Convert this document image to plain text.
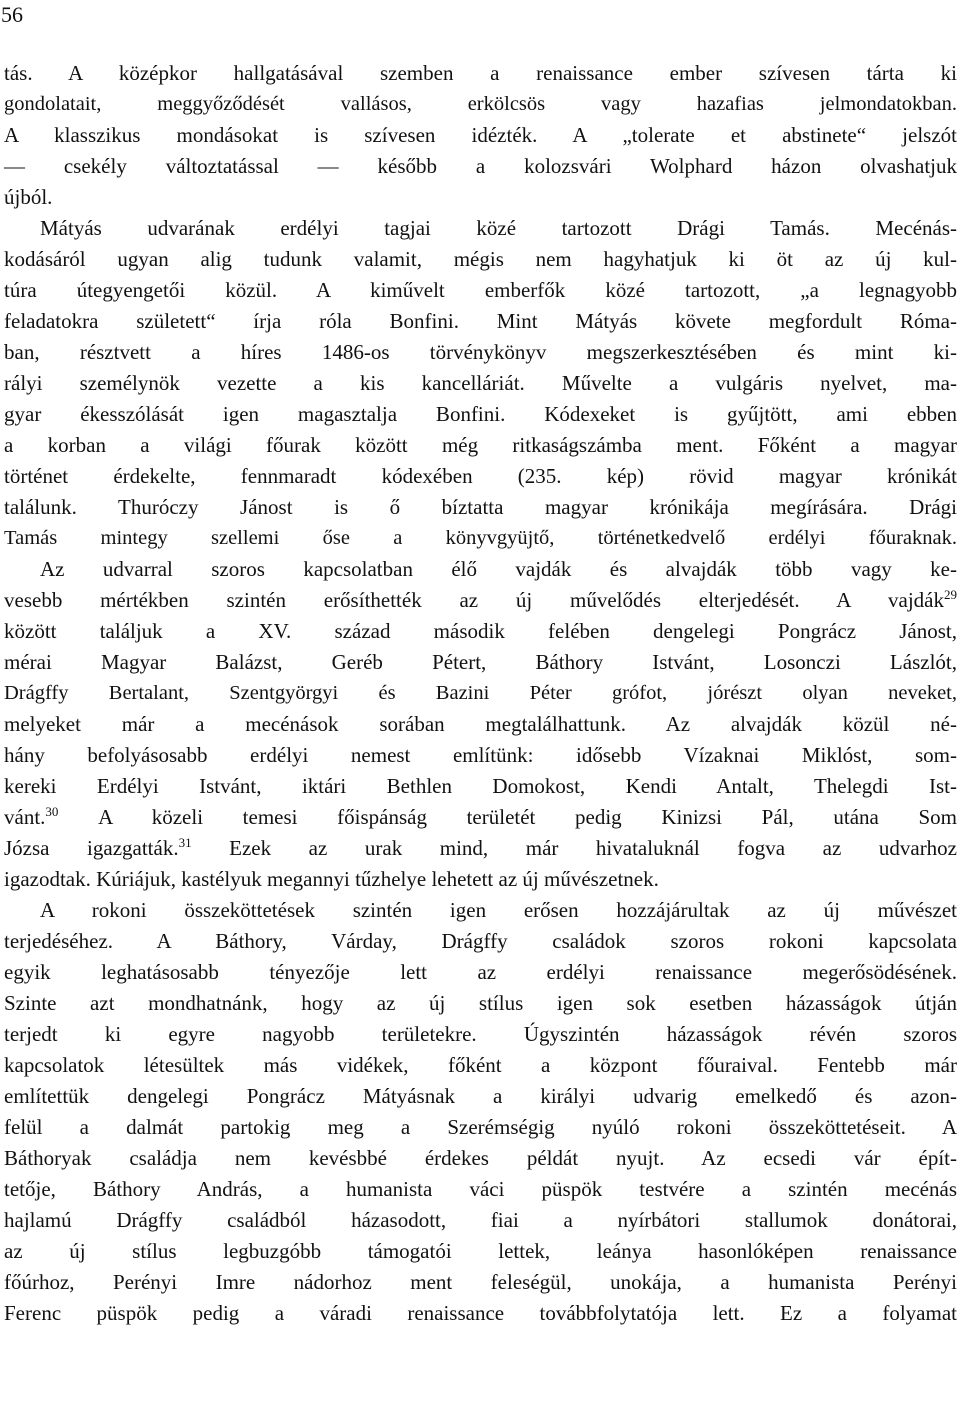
56
tás. A középkor hallgatásával szemben a renaissance ember szívesen tárta ki
gondolatait, meggyőződését vallásos, erkölcsös vagy hazafias jelmondatokban.
A klasszikus mondásokat is szívesen idézték. A „tolerate et abstinete“ jelszót
— csekély változtatással — később a kolozsvári Wolphard házon olvashatjuk
újból.
Mátyás udvarának erdélyi tagjai közé tartozott Drági Tamás. Mecénás-
kodásáról ugyan alig tudunk valamit, mégis nem hagyhatjuk ki öt az új kul-
túra útegyengetői közül. A kiművelt emberfők közé tartozott, „a legnagyobb
feladatokra született“ írja róla Bonfini. Mint Mátyás követe megfordult Róma-
ban, résztvett a híres 1486-os törvénykönyv megszerkesztésében és mint ki-
rályi személynök vezette a kis kancelláriát. Művelte a vulgáris nyelvet, ma-
gyar ékesszólását igen magasztalja Bonfini. Kódexeket is gyűjtött, ami ebben
a korban a világi főurak között még ritkaságszámba ment. Főként a magyar
történet érdekelte, fennmaradt kódexében (235. kép) rövid magyar krónikát
találunk. Thuróczy Jánost is ő bíztatta magyar krónikája megírására. Drági
Tamás mintegy szellemi őse a könyvgyüjtő, történetkedvelő erdélyi főuraknak.
Az udvarral szoros kapcsolatban élő vajdák és alvajdák több vagy ke-
vesebb mértékben szintén erősíthették az új művelődés elterjedését. A vajdák$^{29}$
között találjuk a XV. század második felében dengelegi Pongrácz Jánost,
mérai Magyar Balázst, Geréb Pétert, Báthory Istvánt, Losonczi Lászlót,
Drágffy Bertalant, Szentgyörgyi és Bazini Péter grófot, jórészt olyan neveket,
melyeket már a mecénások sorában megtalálhattunk. Az alvajdák közül né-
hány befolyásosabb erdélyi nemest említünk: idősebb Vízaknai Miklóst, som-
kereki Erdélyi Istvánt, iktári Bethlen Domokost, Kendi Antalt, Thelegdi Ist-
vánt.$^{30}$ A közeli temesi főispánság területét pedig Kinizsi Pál, utána Som
Józsa igazgatták.$^{31}$ Ezek az urak mind, már hivataluknál fogva az udvarhoz
igazodtak. Kúriájuk, kastélyuk megannyi tűzhelye lehetett az új művészetnek.
A rokoni összeköttetések szintén igen erősen hozzájárultak az új művészet
terjedéséhez. A Báthory, Várday, Drágffy családok szoros rokoni kapcsolata
egyik leghatásosabb tényezője lett az erdélyi renaissance megerősödésének.
Szinte azt mondhatnánk, hogy az új stílus igen sok esetben házasságok útján
terjedt ki egyre nagyobb területekre. Úgyszintén házasságok révén szoros
kapcsolatok létesültek más vidékek, főként a központ főuraival. Fentebb már
említettük dengelegi Pongrácz Mátyásnak a királyi udvarig emelkedő és azon-
felül a dalmát partokig meg a Szerémségig nyúló rokoni összeköttetéseit. A
Báthoryak családja nem kevésbbé érdekes példát nyujt. Az ecsedi vár épít-
tetője, Báthory András, a humanista váci püspök testvére a szintén mecénás
hajlamú Drágffy családból házasodott, fiai a nyírbátori stallumok donátorai,
az új stílus legbuzgóbb támogatói lettek, leánya hasonlóképen renaissance
főúrhoz, Perényi Imre nádorhoz ment feleségül, unokája, a humanista Perényi
Ferenc püspök pedig a váradi renaissance továbbfolytatója lett. Ez a folyamat
